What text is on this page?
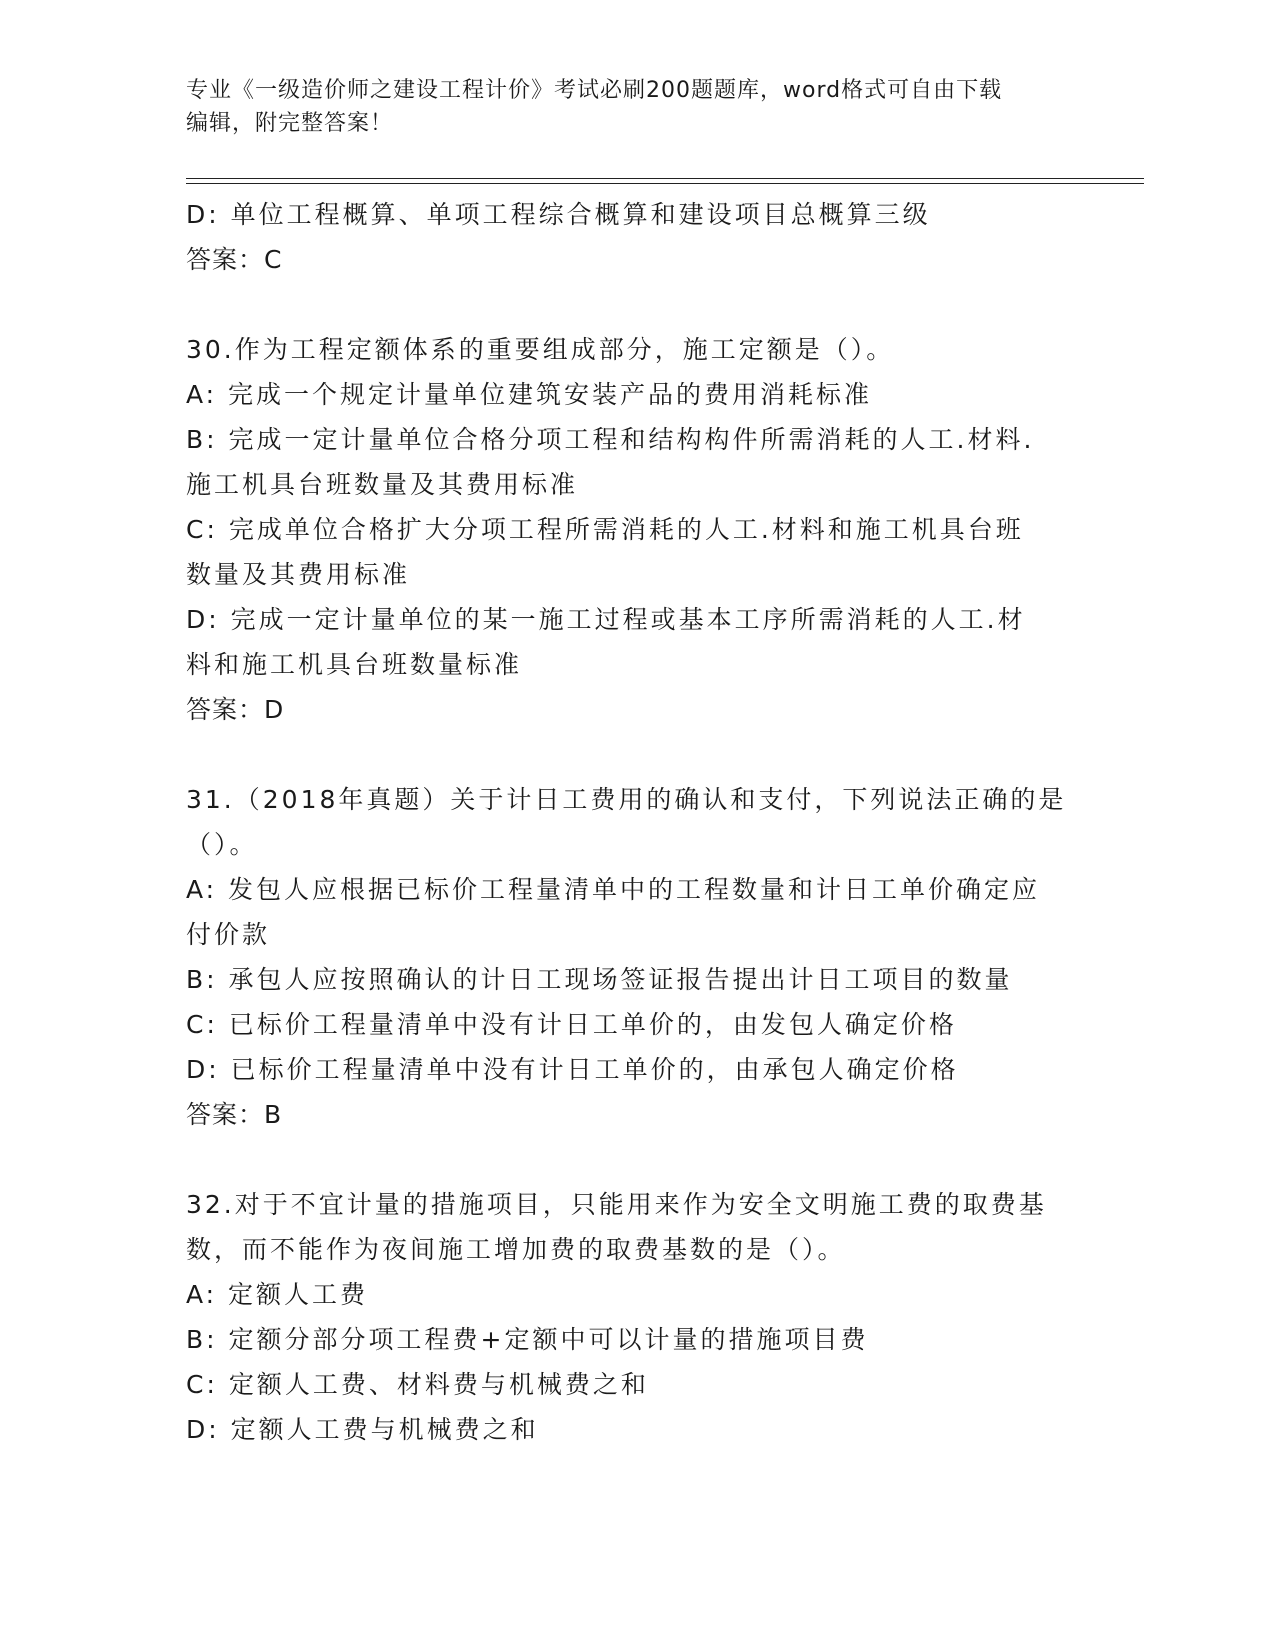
专业《一级造价师之建设工程计价》考试必刷200题题库，word格式可自由下载
编辑，附完整答案！
D: 单位工程概算、单项工程综合概算和建设项目总概算三级
答案：C
30.作为工程定额体系的重要组成部分，施工定额是（）。
A: 完成一个规定计量单位建筑安装产品的费用消耗标准
B: 完成一定计量单位合格分项工程和结构构件所需消耗的人工.材料.
施工机具台班数量及其费用标准
C: 完成单位合格扩大分项工程所需消耗的人工.材料和施工机具台班
数量及其费用标准
D: 完成一定计量单位的某一施工过程或基本工序所需消耗的人工.材
料和施工机具台班数量标准
答案：D
31.（2018年真题）关于计日工费用的确认和支付，下列说法正确的是
（）。
A: 发包人应根据已标价工程量清单中的工程数量和计日工单价确定应
付价款
B: 承包人应按照确认的计日工现场签证报告提出计日工项目的数量
C: 已标价工程量清单中没有计日工单价的，由发包人确定价格
D: 已标价工程量清单中没有计日工单价的，由承包人确定价格
答案：B
32.对于不宜计量的措施项目，只能用来作为安全文明施工费的取费基
数，而不能作为夜间施工增加费的取费基数的是（）。
A: 定额人工费
B: 定额分部分项工程费+定额中可以计量的措施项目费
C: 定额人工费、材料费与机械费之和
D: 定额人工费与机械费之和
